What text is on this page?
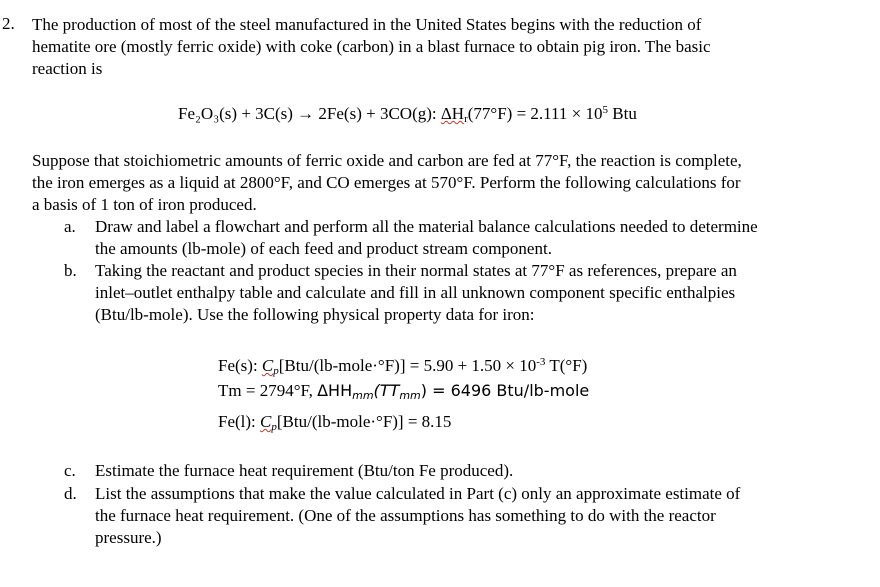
2. The production of most of the steel manufactured in the United States begins with the reduction of
hematite ore (mostly ferric oxide) with coke (carbon) in a blast furnace to obtain pig iron. The basic
reaction is
Fe₂O₃(s) + 3C(s) → 2Fe(s) + 3CO(g): $\Delta H_r(77^\circ F) = 2.111 \times 10^5$ Btu
Suppose that stoichiometric amounts of ferric oxide and carbon are fed at 77°F, the reaction is complete,
the iron emerges as a liquid at 2800°F, and CO emerges at 570°F. Perform the following calculations for
a basis of 1 ton of iron produced.
a. Draw and label a flowchart and perform all the material balance calculations needed to determine
the amounts (lb-mole) of each feed and product stream component.
b. Taking the reactant and product species in their normal states at 77°F as references, prepare an
inlet–outlet enthalpy table and calculate and fill in all unknown component specific enthalpies
(Btu/lb-mole). Use the following physical property data for iron:
Fe(s): $C_p[Btu/(lb-mole\cdot^\circ F)] = 5.90 + 1.50 \times 10^{-3}$ T(°F)
Tm = 2794°F, $\Delta HH_{mm}(TT_{mm}) = 6496$ Btu/lb-mole
Fe(l): $C_p[Btu/(lb-mole\cdot^\circ F)] = 8.15$
c. Estimate the furnace heat requirement (Btu/ton Fe produced).
d. List the assumptions that make the value calculated in Part (c) only an approximate estimate of
the furnace heat requirement. (One of the assumptions has something to do with the reactor
pressure.)
